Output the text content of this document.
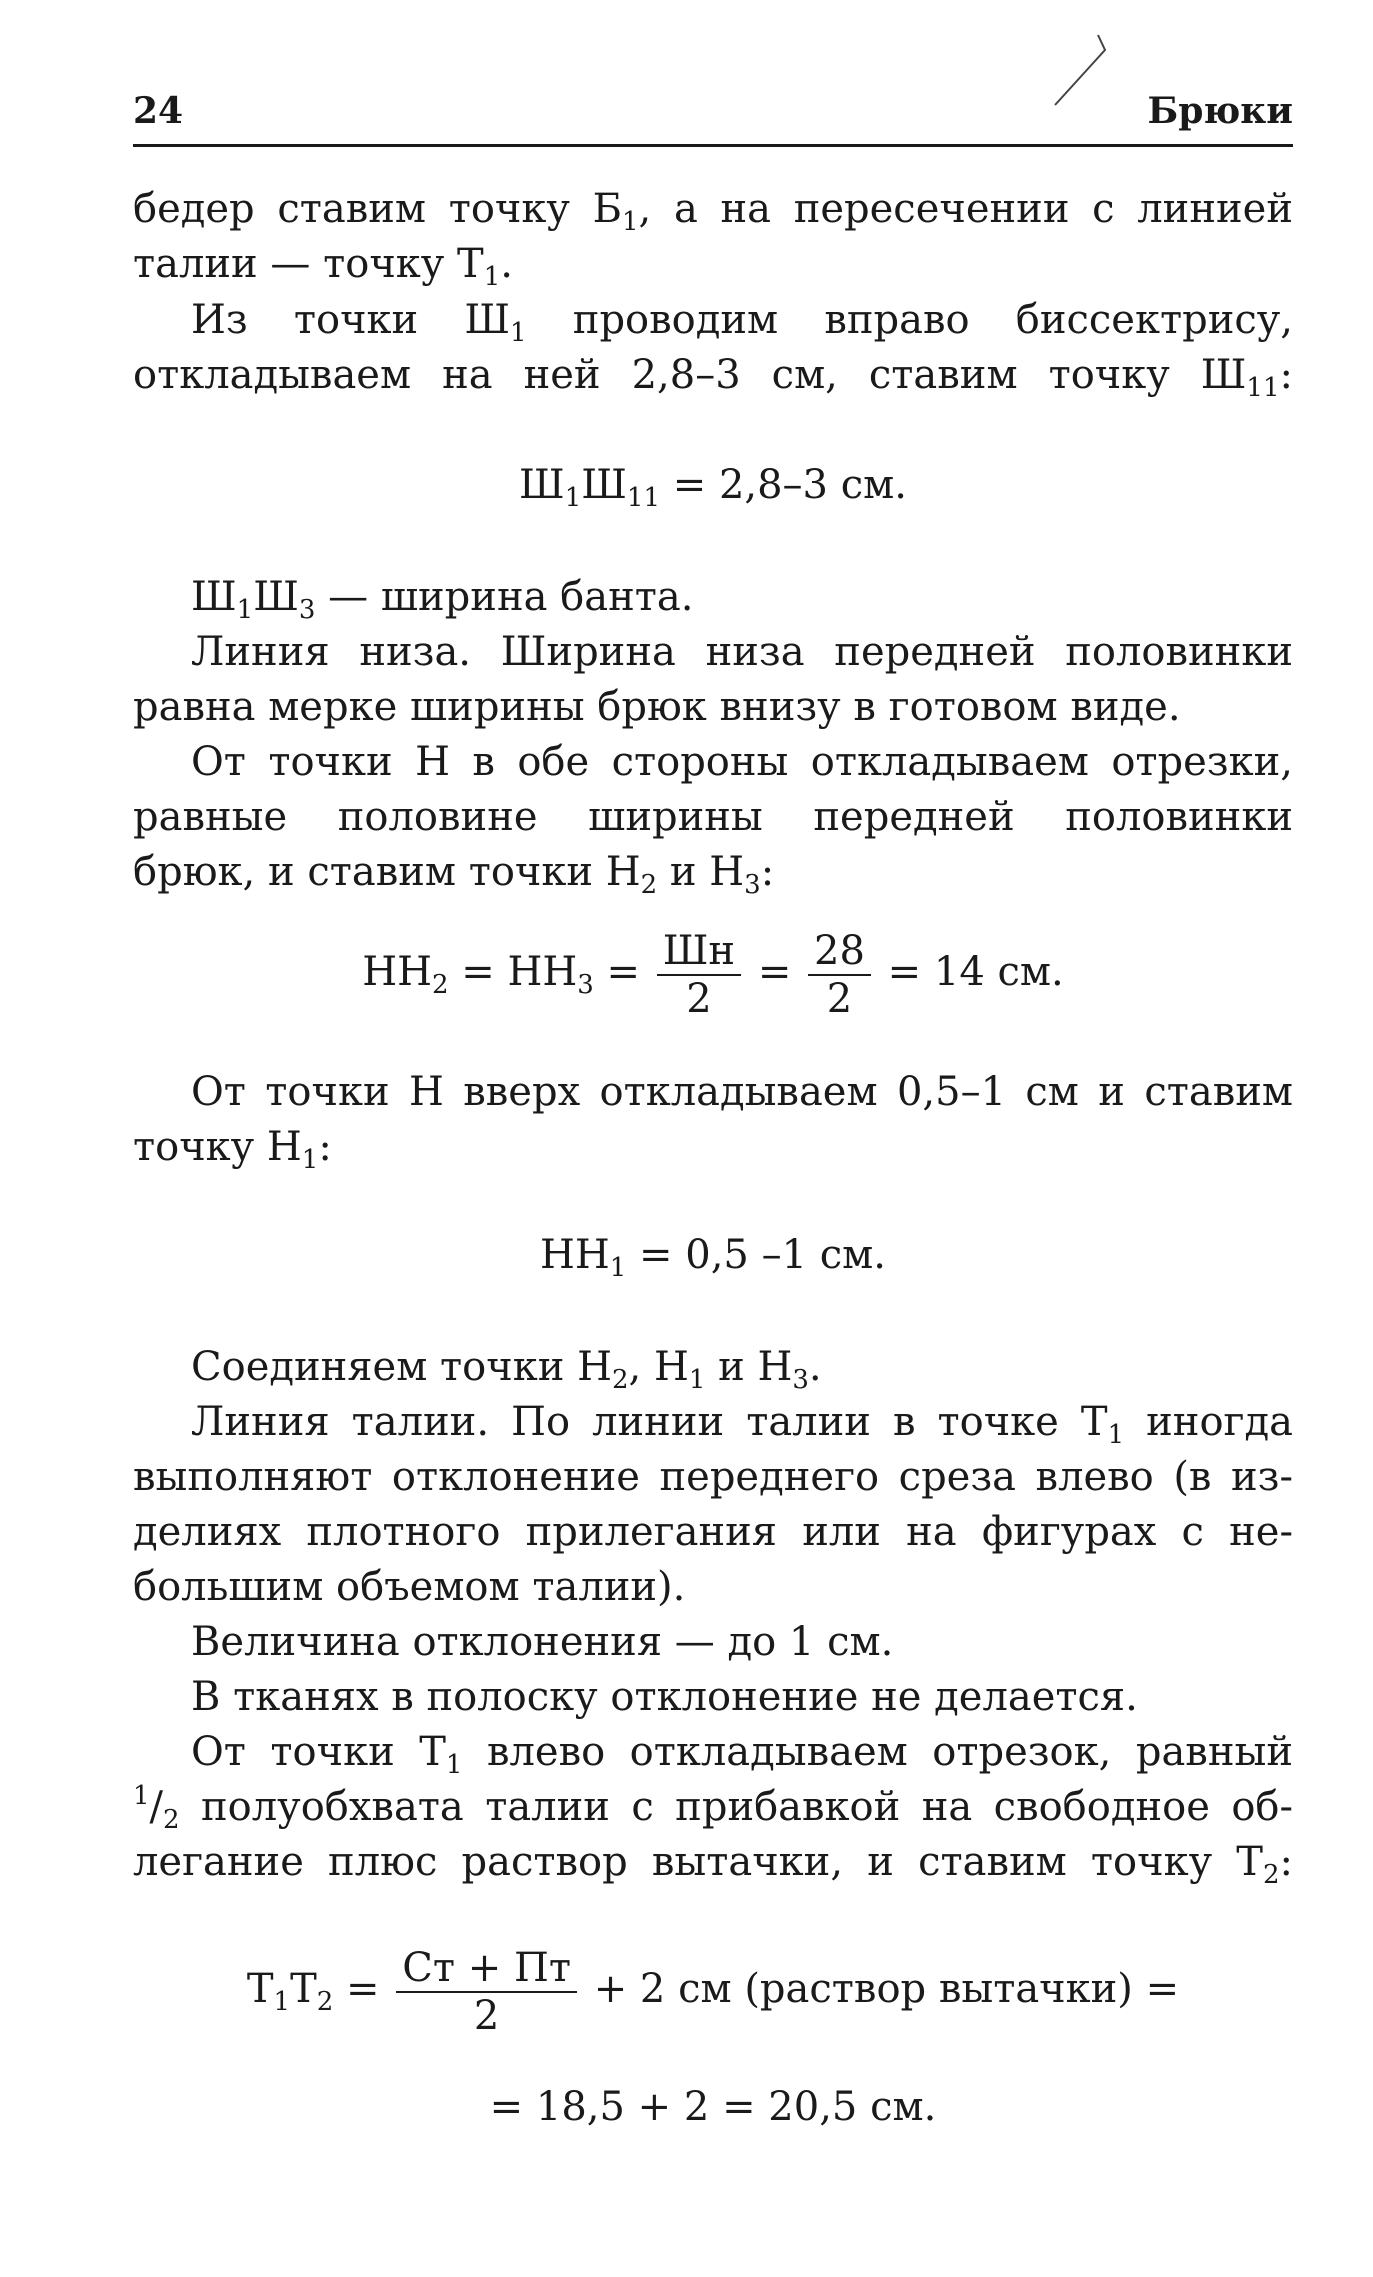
24	Брюки
бедер ставим точку $Б_1$, а на пересечении с линией
талии — точку $Т_1$.
Из точки $Ш_1$ проводим вправо биссектрису,
откладываем на ней 2,8–3 см, ставим точку $Ш_{11}$:
$Ш_1Ш_{11} = 2,8-3$ см.
$Ш_1Ш_3$ — ширина банта.
Линия низа. Ширина низа передней половинки
равна мерке ширины брюк внизу в готовом виде.
От точки Н в обе стороны откладываем отрезки,
равные половине ширины передней половинки
брюк, и ставим точки $Н_2$ и $Н_3$:
$НН_2 = НН_3 = \frac{Шн}{2} = \frac{28}{2} = 14$ см.
От точки Н вверх откладываем 0,5–1 см и ставим
точку $Н_1$:
$НН_1 = 0,5$ –1 см.
Соединяем точки $Н_2$, $Н_1$ и $Н_3$.
Линия талии. По линии талии в точке $Т_1$ иногда
выполняют отклонение переднего среза влево (в из-
делиях плотного прилегания или на фигурах с не-
большим объемом талии).
Величина отклонения — до 1 см.
В тканях в полоску отклонение не делается.
От точки $Т_1$ влево откладываем отрезок, равный
$^1/_2$ полуобхвата талии с прибавкой на свободное об-
легание плюс раствор вытачки, и ставим точку $Т_2$:
$Т_1Т_2 = \frac{Ст + Пт}{2} + 2$ см (раствор вытачки) =
= 18,5 + 2 = 20,5 см.
